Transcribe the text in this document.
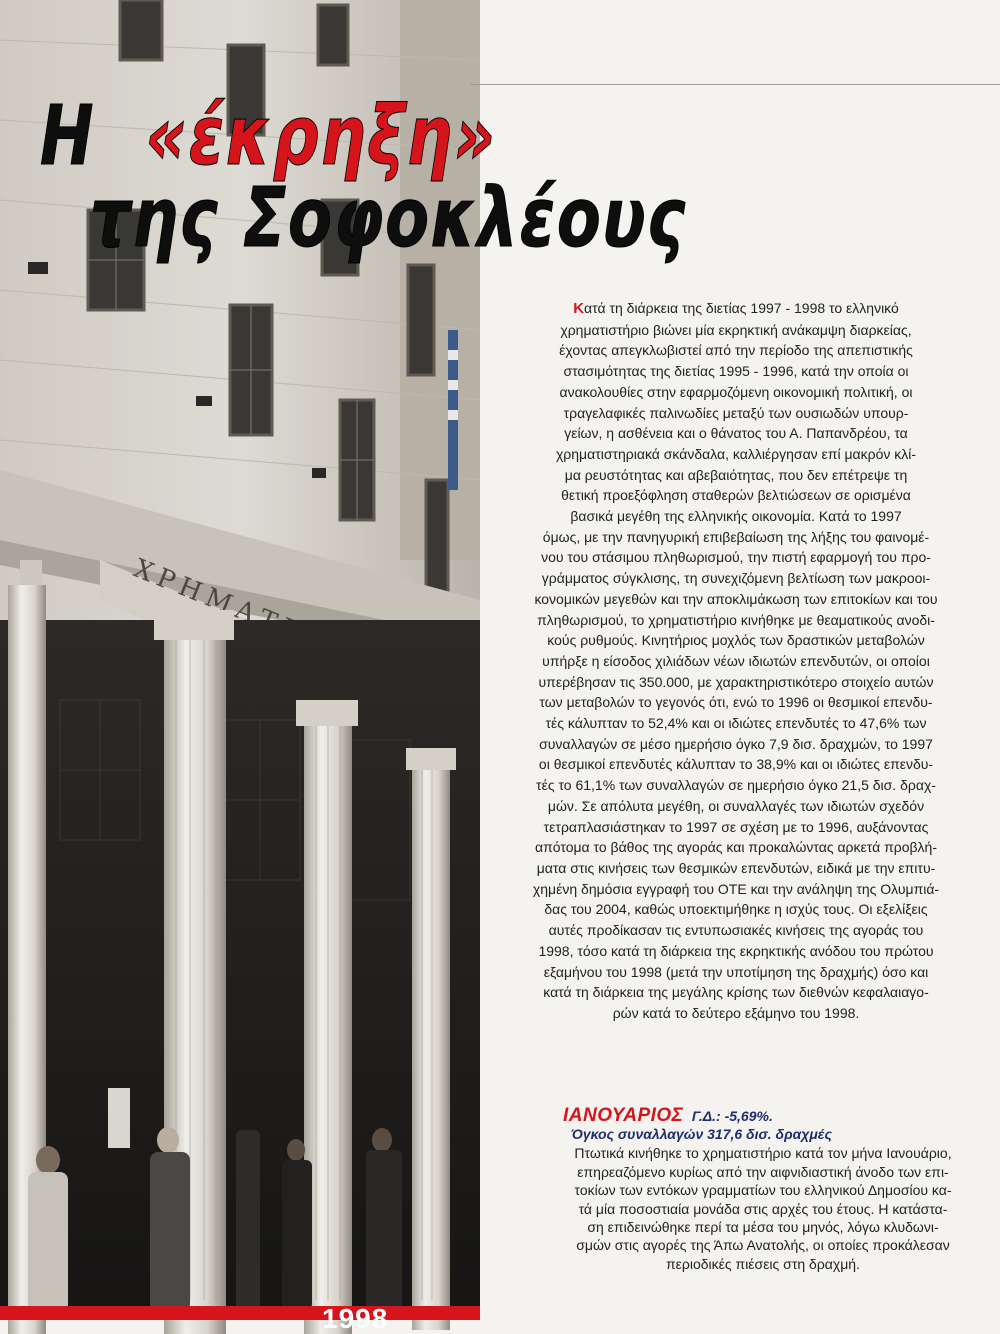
Η «έκρηξη»
της Σοφοκλέους
Κατά τη διάρκεια της διετίας 1997 - 1998 το ελληνικό
χρηματιστήριο βιώνει μία εκρηκτική ανάκαμψη διαρκείας,
έχοντας απεγκλωβιστεί από την περίοδο της απεπιστικής
στασιμότητας της διετίας 1995 - 1996, κατά την οποία οι
ανακολουθίες στην εφαρμοζόμενη οικονομική πολιτική, οι
τραγελαφικές παλινωδίες μεταξύ των ουσιωδών υπουρ-
γείων, η ασθένεια και ο θάνατος του Α. Παπανδρέου, τα
χρηματιστηριακά σκάνδαλα, καλλιέργησαν επί μακρόν κλί-
μα ρευστότητας και αβεβαιότητας, που δεν επέτρεψε τη
θετική προεξόφληση σταθερών βελτιώσεων σε ορισμένα
βασικά μεγέθη της ελληνικής οικονομία. Κατά το 1997
όμως, με την πανηγυρική επιβεβαίωση της λήξης του φαινομέ-
νου του στάσιμου πληθωρισμού, την πιστή εφαρμογή του προ-
γράμματος σύγκλισης, τη συνεχιζόμενη βελτίωση των μακροοι-
κονομικών μεγεθών και την αποκλιμάκωση των επιτοκίων και του
πληθωρισμού, το χρηματιστήριο κινήθηκε με θεαματικούς ανοδι-
κούς ρυθμούς. Κινητήριος μοχλός των δραστικών μεταβολών
υπήρξε η είσοδος χιλιάδων νέων ιδιωτών επενδυτών, οι οποίοι
υπερέβησαν τις 350.000, με χαρακτηριστικότερο στοιχείο αυτών
των μεταβολών το γεγονός ότι, ενώ το 1996 οι θεσμικοί επενδυ-
τές κάλυπταν το 52,4% και οι ιδιώτες επενδυτές το 47,6% των
συναλλαγών σε μέσο ημερήσιο όγκο 7,9 δισ. δραχμών, το 1997
οι θεσμικοί επενδυτές κάλυπταν το 38,9% και οι ιδιώτες επενδυ-
τές το 61,1% των συναλλαγών σε ημερήσιο όγκο 21,5 δισ. δραχ-
μών. Σε απόλυτα μεγέθη, οι συναλλαγές των ιδιωτών σχεδόν
τετραπλασιάστηκαν το 1997 σε σχέση με το 1996, αυξάνοντας
απότομα το βάθος της αγοράς και προκαλώντας αρκετά προβλή-
ματα στις κινήσεις των θεσμικών επενδυτών, ειδικά με την επιτυ-
χημένη δημόσια εγγραφή του ΟΤΕ και την ανάληψη της Ολυμπιά-
δας του 2004, καθώς υποεκτιμήθηκε η ισχύς τους. Οι εξελίξεις
αυτές προδίκασαν τις εντυπωσιακές κινήσεις της αγοράς του
1998, τόσο κατά τη διάρκεια της εκρηκτικής ανόδου του πρώτου
εξαμήνου του 1998 (μετά την υποτίμηση της δραχμής) όσο και
κατά τη διάρκεια της μεγάλης κρίσης των διεθνών κεφαλαιαγο-
ρών κατά το δεύτερο εξάμηνο του 1998.
ΙΑΝΟΥΑΡΙΟΣ Γ.Δ.: -5,69%.
Όγκος συναλλαγών 317,6 δισ. δραχμές
Πτωτικά κινήθηκε το χρηματιστήριο κατά τον μήνα Ιανουάριο,
επηρεαζόμενο κυρίως από την αιφνιδιαστική άνοδο των επι-
τοκίων των εντόκων γραμματίων του ελληνικού Δημοσίου κα-
τά μία ποσοστιαία μονάδα στις αρχές του έτους. Η κατάστα-
ση επιδεινώθηκε περί τα μέσα του μηνός, λόγω κλυδωνι-
σμών στις αγορές της Άπω Ανατολής, οι οποίες προκάλεσαν
περιοδικές πιέσεις στη δραχμή.
1998
